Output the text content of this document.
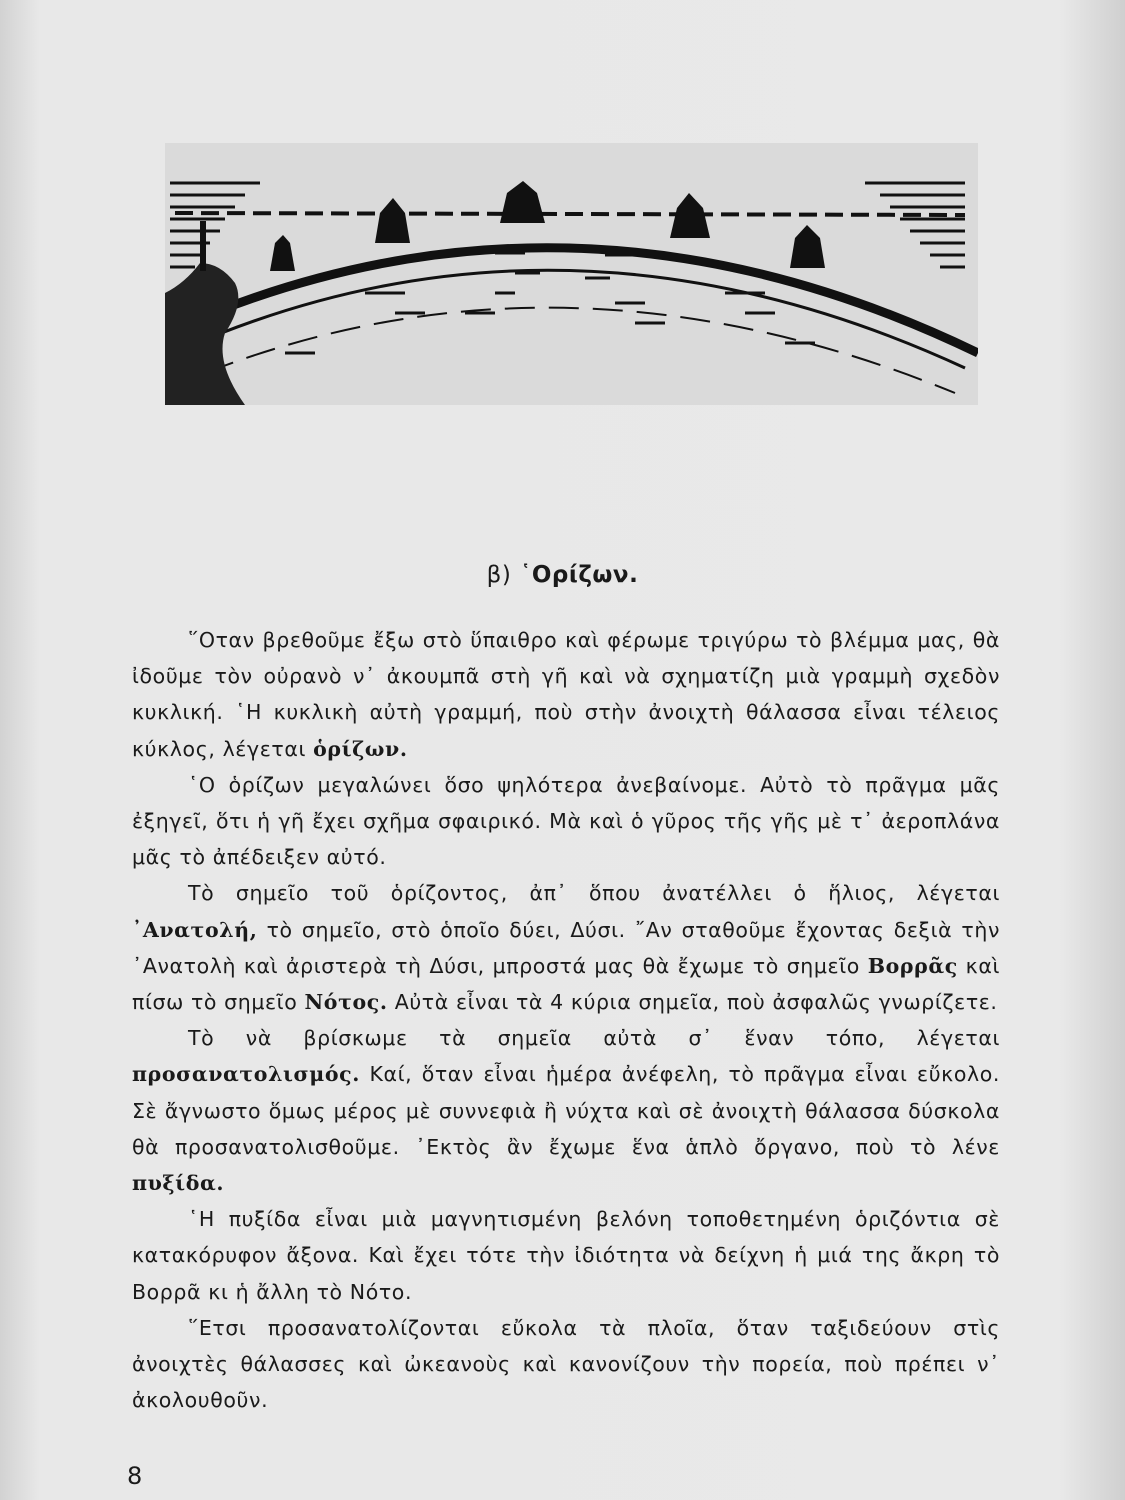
β) ῾Ορίζων.

῞Οταν βρεθοῦμε ἔξω στὸ ὕπαιθρο καὶ φέρωμε τριγύρω τὸ βλέμμα μας, θὰ ἰδοῦμε τὸν οὐρανὸ ν᾽ ἀκουμπᾶ στὴ γῆ καὶ νὰ σχηματίζη μιὰ γραμμὴ σχεδὸν κυκλική. ῾Η κυκλικὴ αὐτὴ γραμμή, ποὺ στὴν ἀνοιχτὴ θάλασσα εἶναι τέλειος κύκλος, λέγεται ὁρίζων.

῾Ο ὁρίζων μεγαλώνει ὅσο ψηλότερα ἀνεβαίνομε. Αὐτὸ τὸ πρᾶγμα μᾶς ἐξηγεῖ, ὅτι ἡ γῆ ἔχει σχῆμα σφαιρικό. Μὰ καὶ ὁ γῦρος τῆς γῆς μὲ τ᾽ ἀεροπλάνα μᾶς τὸ ἀπέδειξεν αὐτό.

Τὸ σημεῖο τοῦ ὁρίζοντος, ἀπ᾽ ὅπου ἀνατέλλει ὁ ἥλιος, λέγεται ᾽Ανατολή, τὸ σημεῖο, στὸ ὁποῖο δύει, Δύσι. ῎Αν σταθοῦμε ἔχοντας δεξιὰ τὴν ᾽Ανατολὴ καὶ ἀριστερὰ τὴ Δύσι, μπροστά μας θὰ ἔχωμε τὸ σημεῖο Βορρᾶς καὶ πίσω τὸ σημεῖο Νότος. Αὐτὰ εἶναι τὰ 4 κύρια σημεῖα, ποὺ ἀσφαλῶς γνωρίζετε.

Τὸ νὰ βρίσκωμε τὰ σημεῖα αὐτὰ σ᾽ ἕναν τόπο, λέγεται προσανατολισμός. Καί, ὅταν εἶναι ἡμέρα ἀνέφελη, τὸ πρᾶγμα εἶναι εὔκολο. Σὲ ἄγνωστο ὅμως μέρος μὲ συννεφιὰ ἢ νύχτα καὶ σὲ ἀνοιχτὴ θάλασσα δύσκολα θὰ προσανατολισθοῦμε. ᾽Εκτὸς ἂν ἔχωμε ἕνα ἁπλὸ ὄργανο, ποὺ τὸ λένε πυξίδα.

῾Η πυξίδα εἶναι μιὰ μαγνητισμένη βελόνη τοποθετημένη ὁριζόντια σὲ κατακόρυφον ἄξονα. Καὶ ἔχει τότε τὴν ἰδιότητα νὰ δείχνη ἡ μιά της ἄκρη τὸ Βορρᾶ κι ἡ ἄλλη τὸ Νότο.

῞Ετσι προσανατολίζονται εὔκολα τὰ πλοῖα, ὅταν ταξιδεύουν στὶς ἀνοιχτὲς θάλασσες καὶ ὠκεανοὺς καὶ κανονίζουν τὴν πορεία, ποὺ πρέπει ν᾽ ἀκολουθοῦν.

8
